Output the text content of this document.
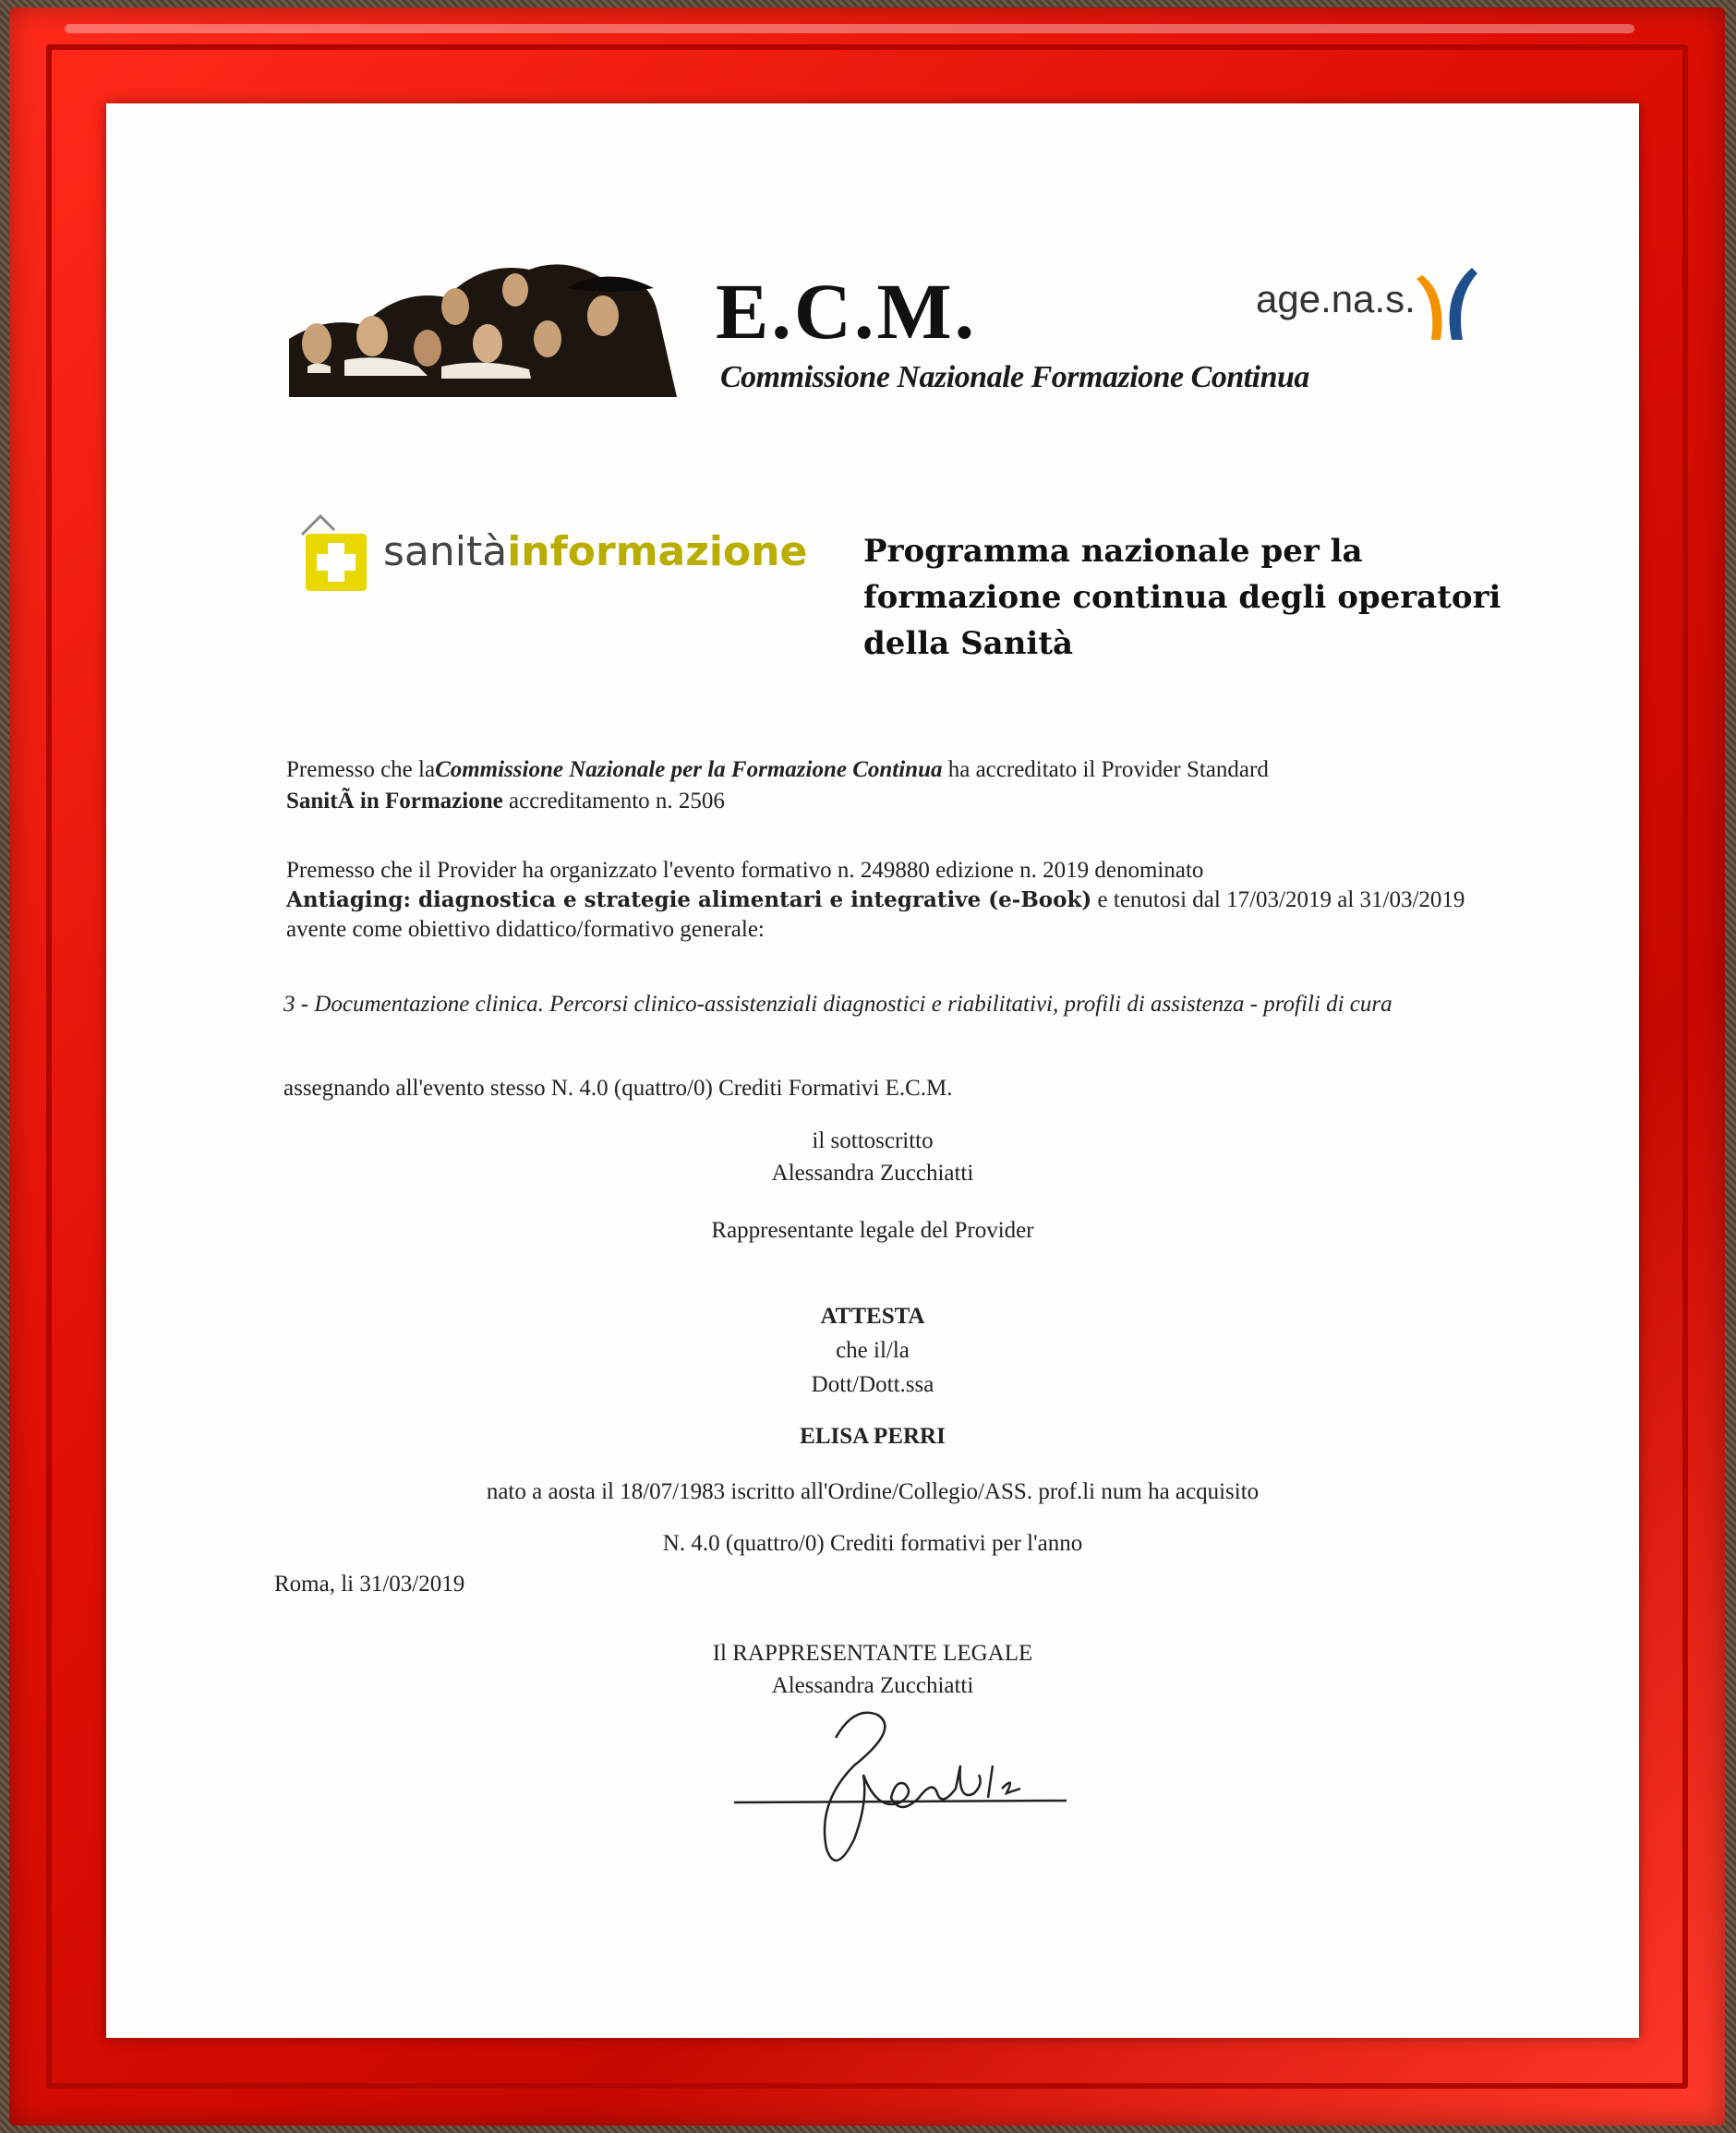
E.C.M.
Commissione Nazionale Formazione Continua
age.na.s.
sanitàinformazione Programma nazionale per la
formazione continua degli operatori
della Sanità
Premesso che laCommissione Nazionale per la Formazione Continua ha accreditato il Provider Standard
SanitÃ in Formazione accreditamento n. 2506
Premesso che il Provider ha organizzato l'evento formativo n. 249880 edizione n. 2019 denominato
Antiaging: diagnostica e strategie alimentari e integrative (e-Book) e tenutosi dal 17/03/2019 al 31/03/2019
avente come obiettivo didattico/formativo generale:
3 - Documentazione clinica. Percorsi clinico-assistenziali diagnostici e riabilitativi, profili di assistenza - profili di cura
assegnando all'evento stesso N. 4.0 (quattro/0) Crediti Formativi E.C.M.
il sottoscritto
Alessandra Zucchiatti
Rappresentante legale del Provider
ATTESTA
che il/la
Dott/Dott.ssa
ELISA PERRI
nato a aosta il 18/07/1983 iscritto all'Ordine/Collegio/ASS. prof.li num ha acquisito
N. 4.0 (quattro/0) Crediti formativi per l'anno
Roma, li 31/03/2019
Il RAPPRESENTANTE LEGALE
Alessandra Zucchiatti
